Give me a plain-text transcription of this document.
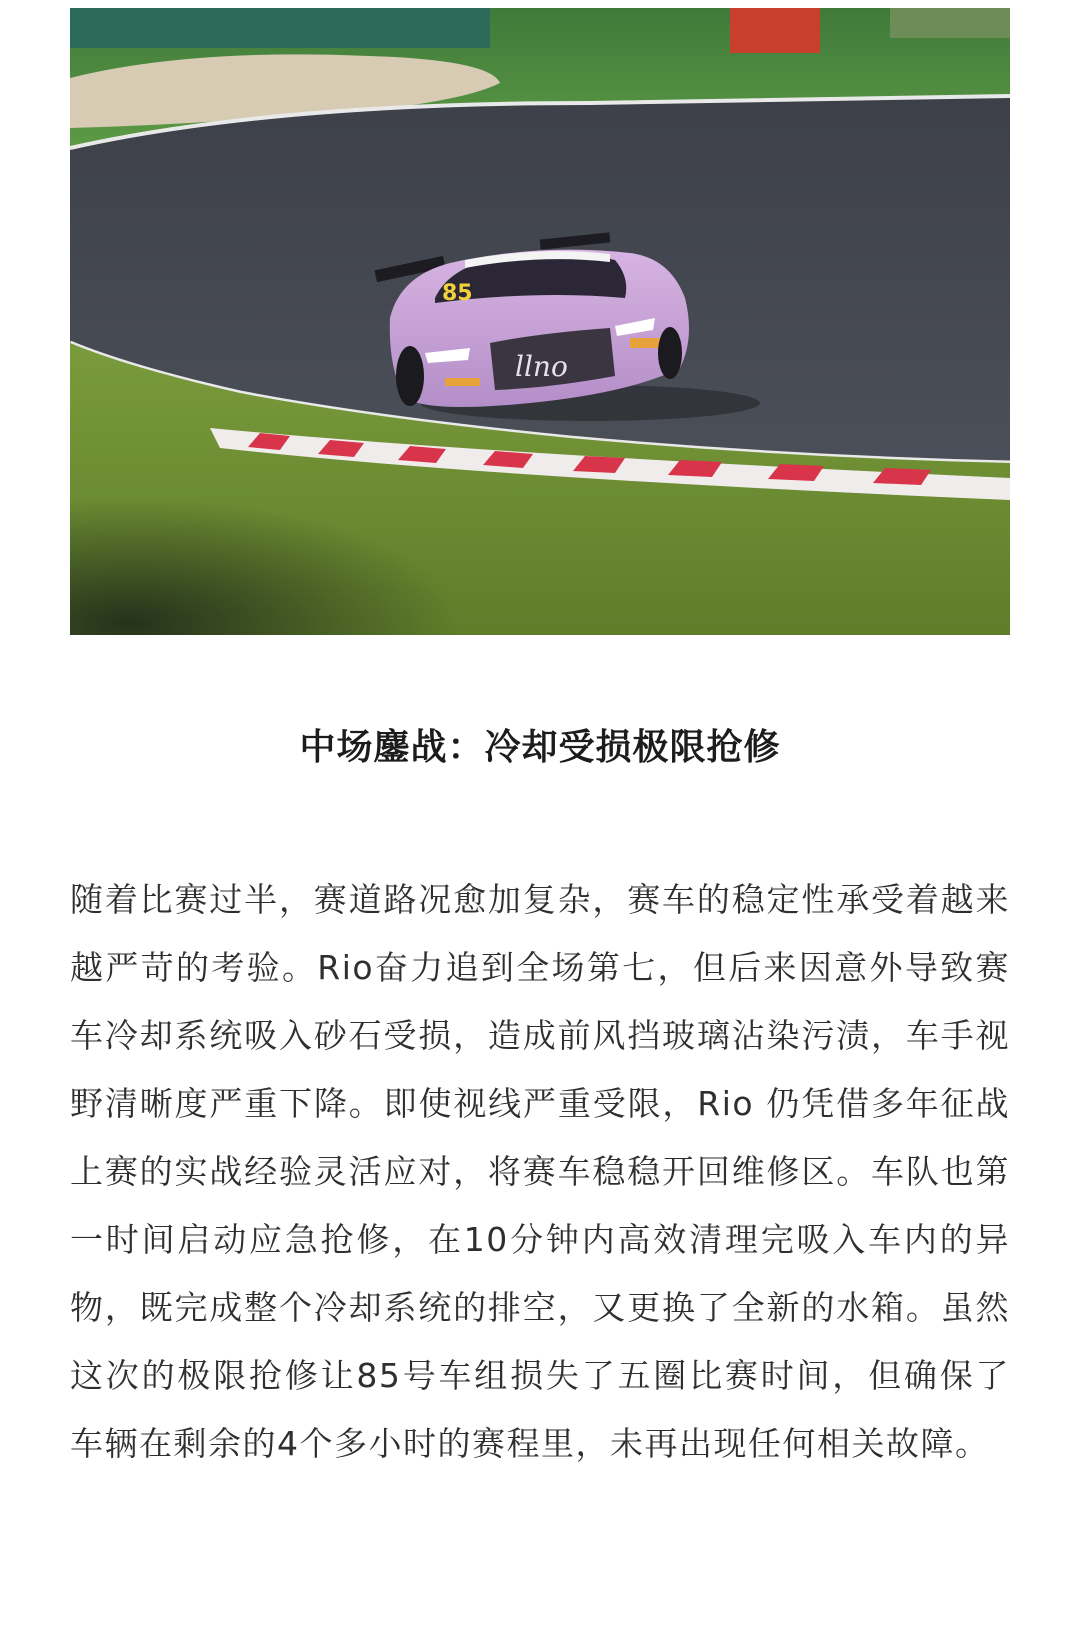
85
llno
中场鏖战：冷却受损极限抢修

随着比赛过半，赛道路况愈加复杂，赛车的稳定性承受着越来越严苛的考验。Rio奋力追到全场第七，但后来因意外导致赛车冷却系统吸入砂石受损，造成前风挡玻璃沾染污渍，车手视野清晰度严重下降。即使视线严重受限，Rio 仍凭借多年征战上赛的实战经验灵活应对，将赛车稳稳开回维修区。车队也第一时间启动应急抢修，在10分钟内高效清理完吸入车内的异物，既完成整个冷却系统的排空，又更换了全新的水箱。虽然这次的极限抢修让85号车组损失了五圈比赛时间，但确保了车辆在剩余的4个多小时的赛程里，未再出现任何相关故障。
